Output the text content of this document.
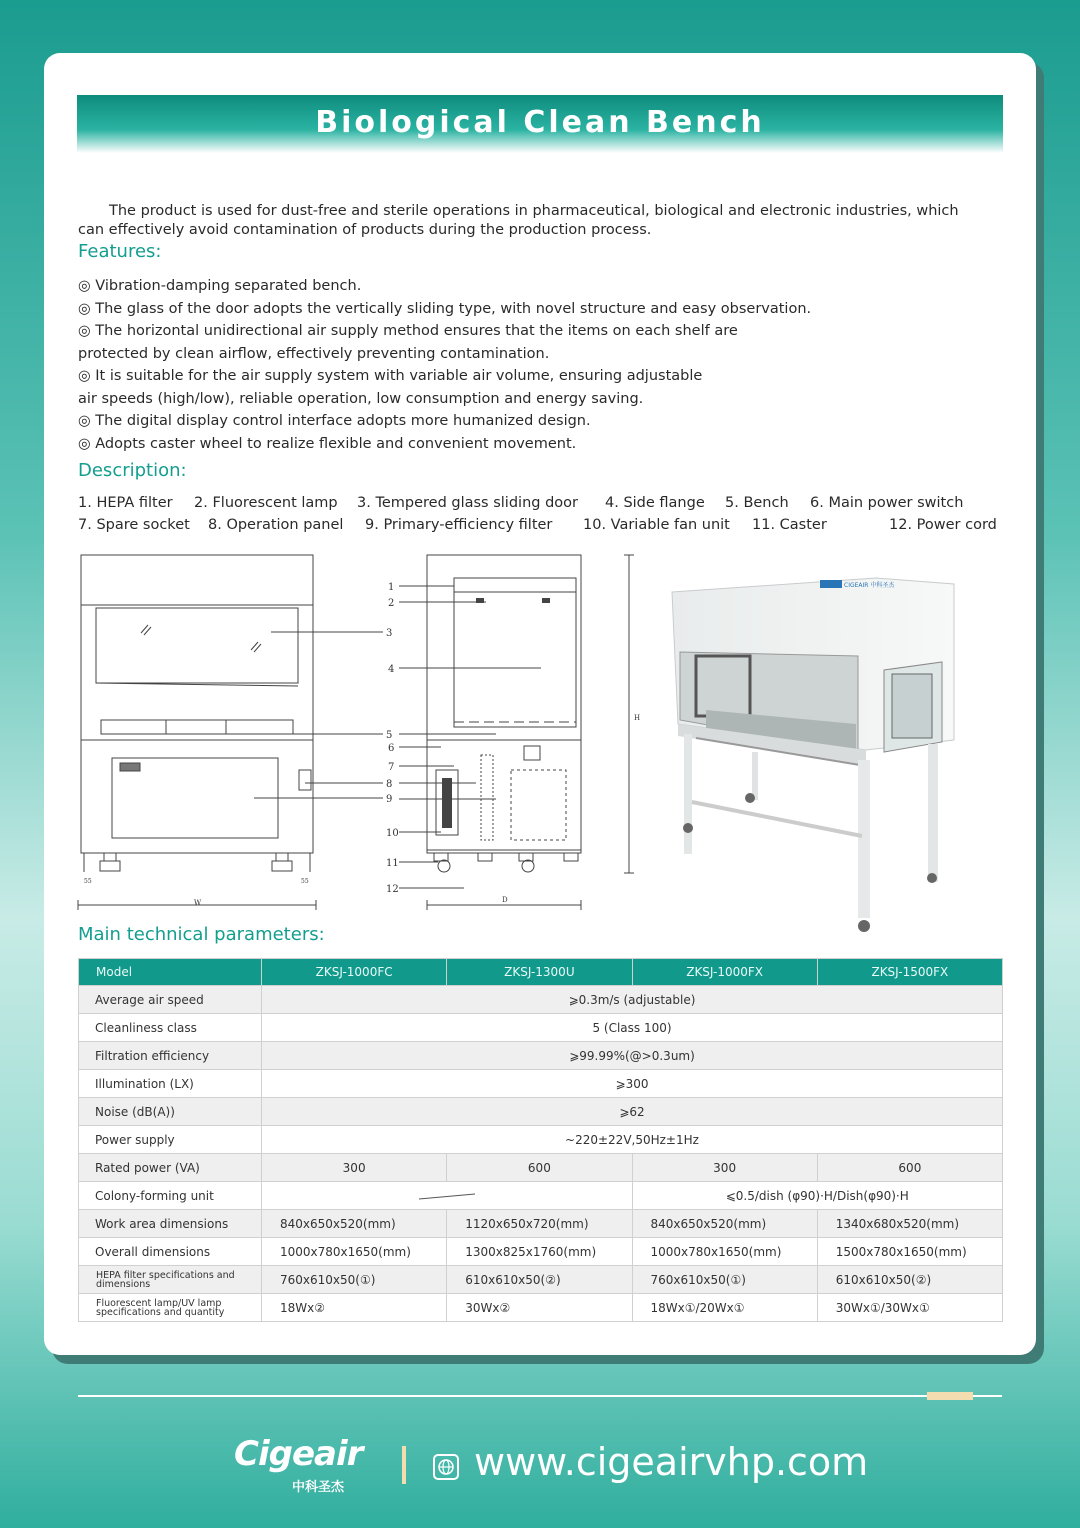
Biological Clean Bench

The product is used for dust-free and sterile operations in pharmaceutical, biological and electronic industries, which can effectively avoid contamination of products during the production process.

Features:
◎ Vibration-damping separated bench.
◎ The glass of the door adopts the vertically sliding type, with novel structure and easy observation.
◎ The horizontal unidirectional air supply method ensures that the items on each shelf are
protected by clean airflow, effectively preventing contamination.
◎ It is suitable for the air supply system with variable air volume, ensuring adjustable
air speeds (high/low), reliable operation, low consumption and energy saving.
◎ The digital display control interface adopts more humanized design.
◎ Adopts caster wheel to realize flexible and convenient movement.
Description:
1. HEPA filter 2. Fluorescent lamp 3. Tempered glass sliding door 4. Side flange 5. Bench 6. Main power switch
7. Spare socket 8. Operation panel 9. Primary-efficiency filter 10. Variable fan unit 11. Caster	12. Power cord
3
5
8
9
1
2
4
6
7
10
11
12
W	D
H
55	55
CIGEAIR 中科圣杰
Main technical parameters:
Model	ZKSJ-1000FC	ZKSJ-1300U	ZKSJ-1000FX	ZKSJ-1500FX
Average air speed	⩾0.3m/s (adjustable)			
Cleanliness class	5 (Class 100)			
Filtration efficiency	⩾99.99%(@>0.3um)			
Illumination (LX)	⩾300			
Noise (dB(A))	⩾62			
Power supply	~220±22V,50Hz±1Hz			
Rated power (VA)	300	600	300	600
Colony-forming unit			⩽0.5/dish (φ90)·H/Dish(φ90)·H	
Work area dimensions	840x650x520(mm)	1120x650x720(mm)	840x650x520(mm)	1340x680x520(mm)
Overall dimensions	1000x780x1650(mm)	1300x825x1760(mm)	1000x780x1650(mm)	1500x780x1650(mm)
HEPA filter specifications and dimensions	760x610x50(①)	610x610x50(②)	760x610x50(①)	610x610x50(②)
Fluorescent lamp/UV lamp specifications and quantity	18Wx②	30Wx②	18Wx①/20Wx①	30Wx①/30Wx①
Cigeair
中科圣杰
www.cigeairvhp.com
